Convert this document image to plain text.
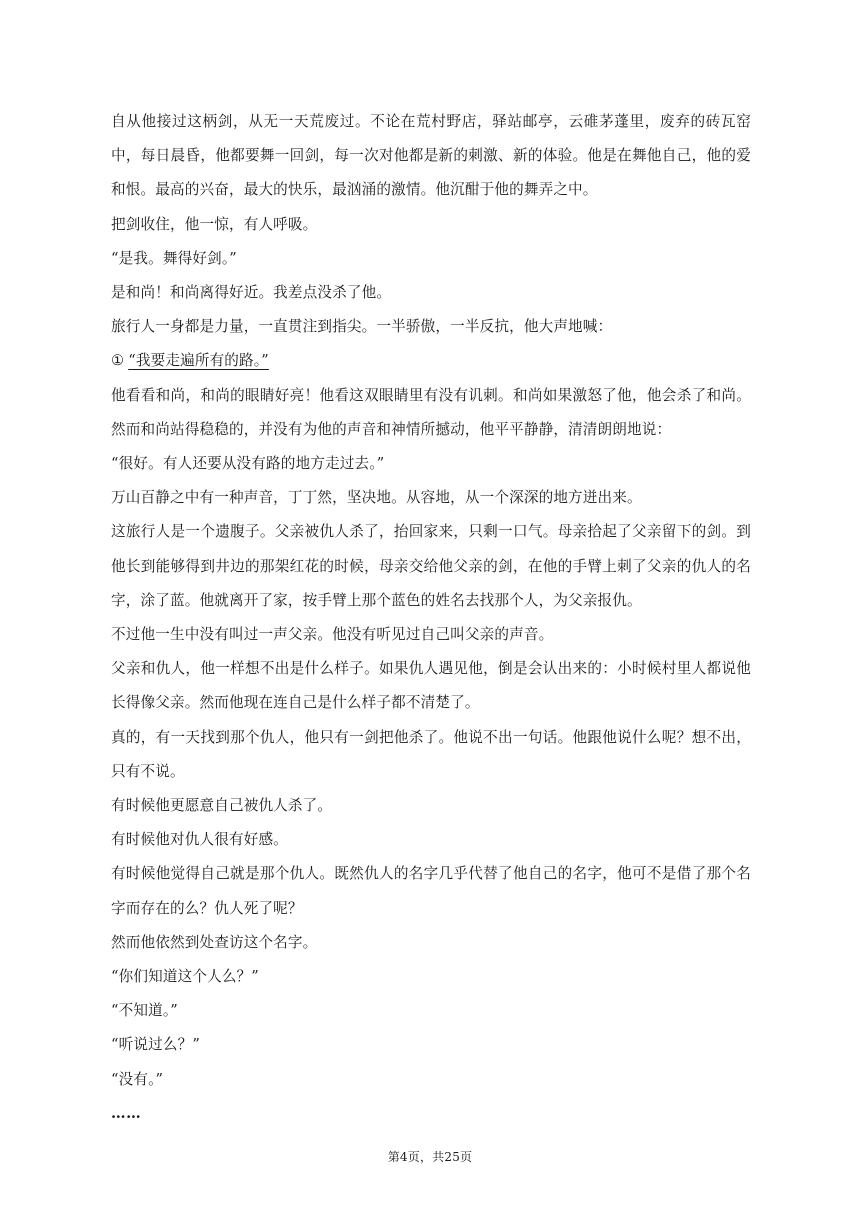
自从他接过这柄剑，从无一天荒废过。不论在荒村野店，驿站邮亭，云碓茅蓬里，废弃的砖瓦窑中，每日晨昏，他都要舞一回剑，每一次对他都是新的刺激、新的体验。他是在舞他自己，他的爱和恨。最高的兴奋，最大的快乐，最汹涌的激情。他沉酣于他的舞弄之中。

把剑收住，他一惊，有人呼吸。

“是我。舞得好剑。”

是和尚！和尚离得好近。我差点没杀了他。

旅行人一身都是力量，一直贯注到指尖。一半骄傲，一半反抗，他大声地喊：

① “我要走遍所有的路。”

他看看和尚，和尚的眼睛好亮！他看这双眼睛里有没有讥刺。和尚如果激怒了他，他会杀了和尚。然而和尚站得稳稳的，并没有为他的声音和神情所撼动，他平平静静，清清朗朗地说：

“很好。有人还要从没有路的地方走过去。”

万山百静之中有一种声音，丁丁然，坚决地。从容地，从一个深深的地方迸出来。

这旅行人是一个遗腹子。父亲被仇人杀了，抬回家来，只剩一口气。母亲拾起了父亲留下的剑。到他长到能够得到井边的那架红花的时候，母亲交给他父亲的剑，在他的手臂上刺了父亲的仇人的名字，涂了蓝。他就离开了家，按手臂上那个蓝色的姓名去找那个人，为父亲报仇。

不过他一生中没有叫过一声父亲。他没有听见过自己叫父亲的声音。

父亲和仇人，他一样想不出是什么样子。如果仇人遇见他，倒是会认出来的：小时候村里人都说他长得像父亲。然而他现在连自己是什么样子都不清楚了。

真的，有一天找到那个仇人，他只有一剑把他杀了。他说不出一句话。他跟他说什么呢？想不出，只有不说。

有时候他更愿意自己被仇人杀了。

有时候他对仇人很有好感。

有时候他觉得自己就是那个仇人。既然仇人的名字几乎代替了他自己的名字，他可不是借了那个名字而存在的么？仇人死了呢？

然而他依然到处查访这个名字。

“你们知道这个人么？”

“不知道。”

“听说过么？”

“没有。”

……

第4页，共25页
